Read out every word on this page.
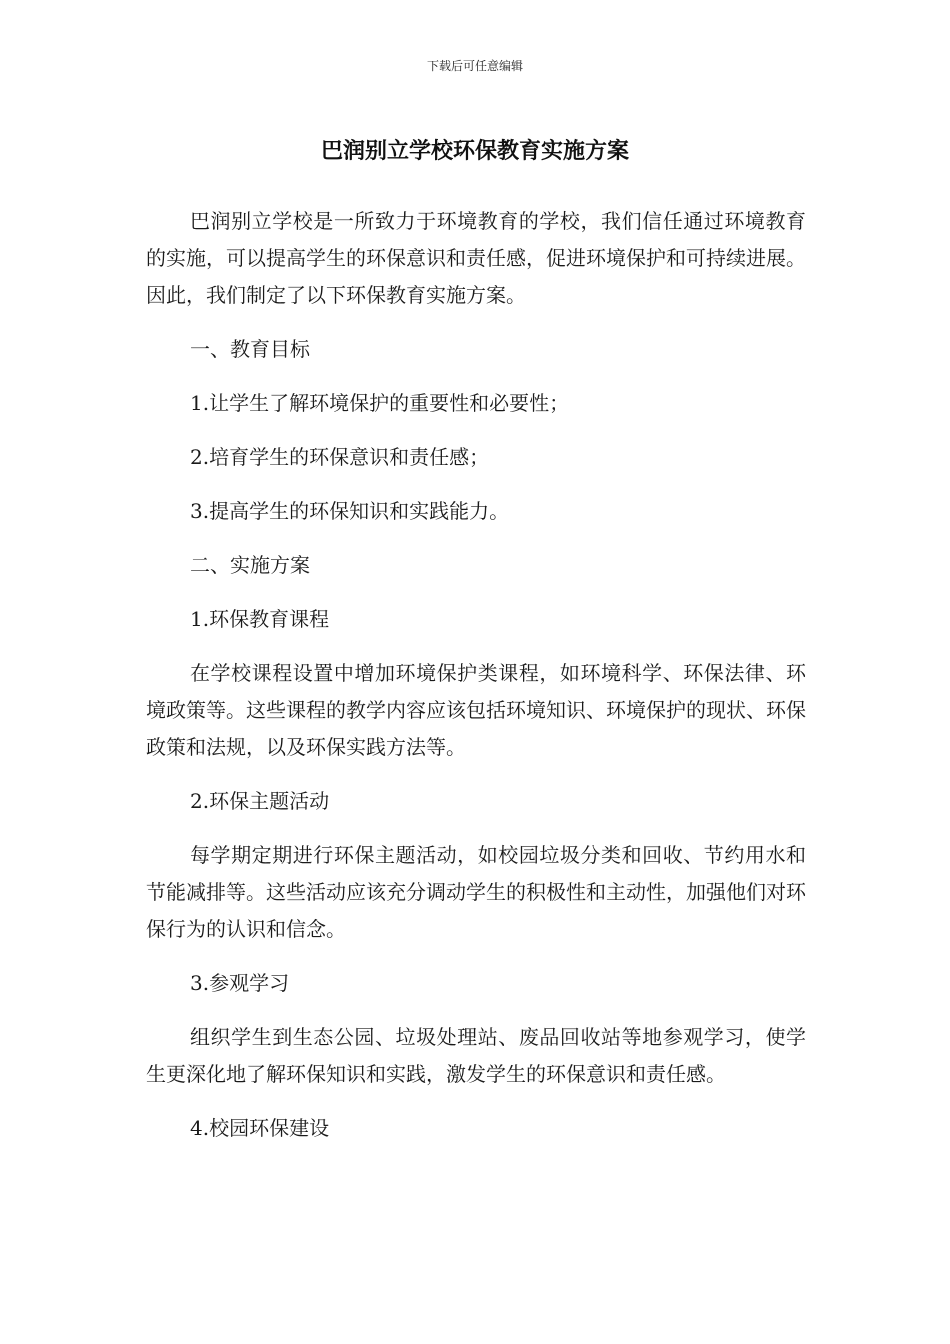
下载后可任意编辑
巴润别立学校环保教育实施方案

巴润别立学校是一所致力于环境教育的学校，我们信任通过环境教育的实施，可以提高学生的环保意识和责任感，促进环境保护和可持续进展。因此，我们制定了以下环保教育实施方案。

一、教育目标

1.让学生了解环境保护的重要性和必要性；

2.培育学生的环保意识和责任感；

3.提高学生的环保知识和实践能力。

二、实施方案

1.环保教育课程

在学校课程设置中增加环境保护类课程，如环境科学、环保法律、环境政策等。这些课程的教学内容应该包括环境知识、环境保护的现状、环保政策和法规，以及环保实践方法等。

2.环保主题活动

每学期定期进行环保主题活动，如校园垃圾分类和回收、节约用水和节能减排等。这些活动应该充分调动学生的积极性和主动性，加强他们对环保行为的认识和信念。

3.参观学习

组织学生到生态公园、垃圾处理站、废品回收站等地参观学习，使学生更深化地了解环保知识和实践，激发学生的环保意识和责任感。

4.校园环保建设
